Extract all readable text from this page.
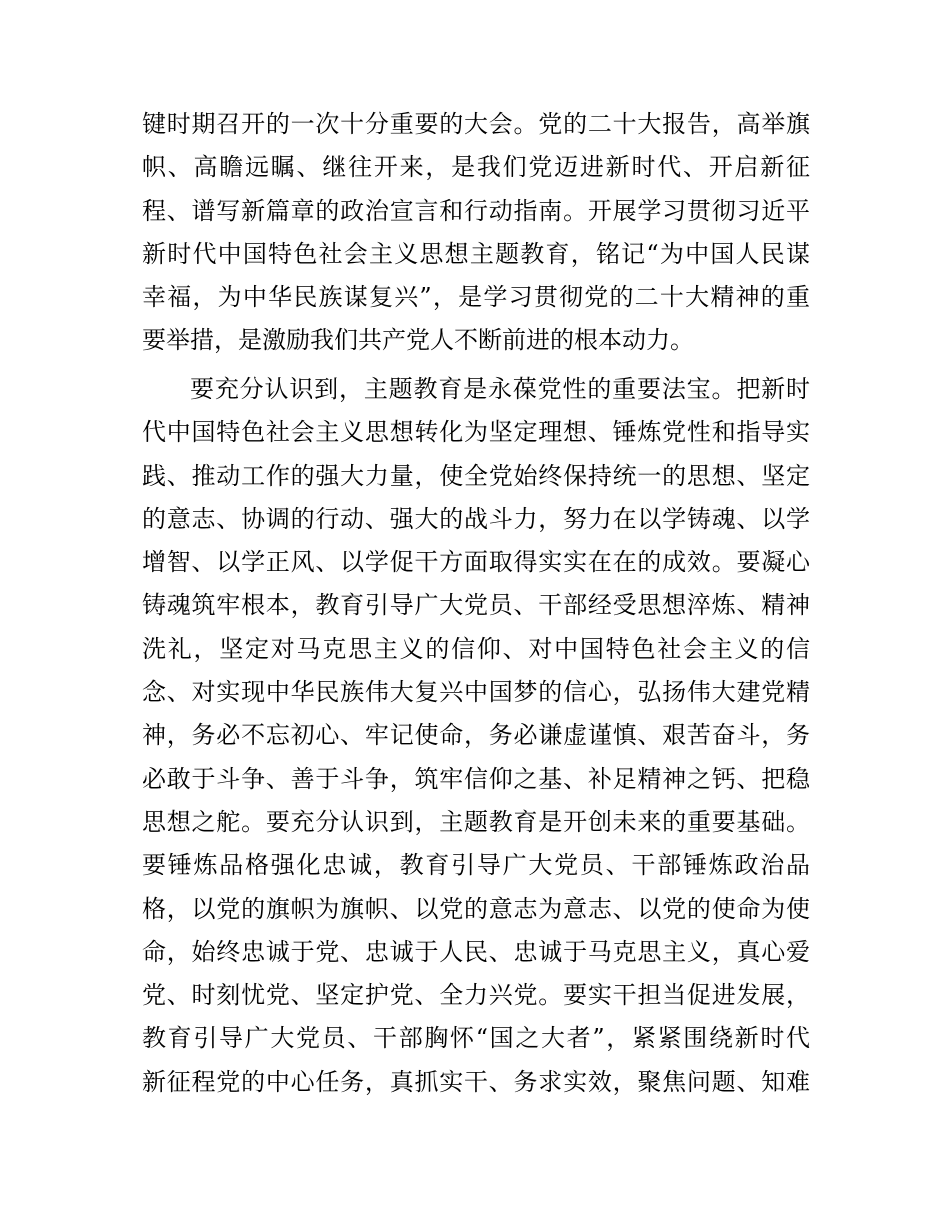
键时期召开的一次十分重要的大会。党的二十大报告，高举旗
帜、高瞻远瞩、继往开来，是我们党迈进新时代、开启新征
程、谱写新篇章的政治宣言和行动指南。开展学习贯彻习近平
新时代中国特色社会主义思想主题教育，铭记“为中国人民谋
幸福，为中华民族谋复兴”，是学习贯彻党的二十大精神的重
要举措，是激励我们共产党人不断前进的根本动力。
要充分认识到，主题教育是永葆党性的重要法宝。把新时
代中国特色社会主义思想转化为坚定理想、锤炼党性和指导实
践、推动工作的强大力量，使全党始终保持统一的思想、坚定
的意志、协调的行动、强大的战斗力，努力在以学铸魂、以学
增智、以学正风、以学促干方面取得实实在在的成效。要凝心
铸魂筑牢根本，教育引导广大党员、干部经受思想淬炼、精神
洗礼，坚定对马克思主义的信仰、对中国特色社会主义的信
念、对实现中华民族伟大复兴中国梦的信心，弘扬伟大建党精
神，务必不忘初心、牢记使命，务必谦虚谨慎、艰苦奋斗，务
必敢于斗争、善于斗争，筑牢信仰之基、补足精神之钙、把稳
思想之舵。要充分认识到，主题教育是开创未来的重要基础。
要锤炼品格强化忠诚，教育引导广大党员、干部锤炼政治品
格，以党的旗帜为旗帜、以党的意志为意志、以党的使命为使
命，始终忠诚于党、忠诚于人民、忠诚于马克思主义，真心爱
党、时刻忧党、坚定护党、全力兴党。要实干担当促进发展，
教育引导广大党员、干部胸怀“国之大者”，紧紧围绕新时代
新征程党的中心任务，真抓实干、务求实效，聚焦问题、知难
